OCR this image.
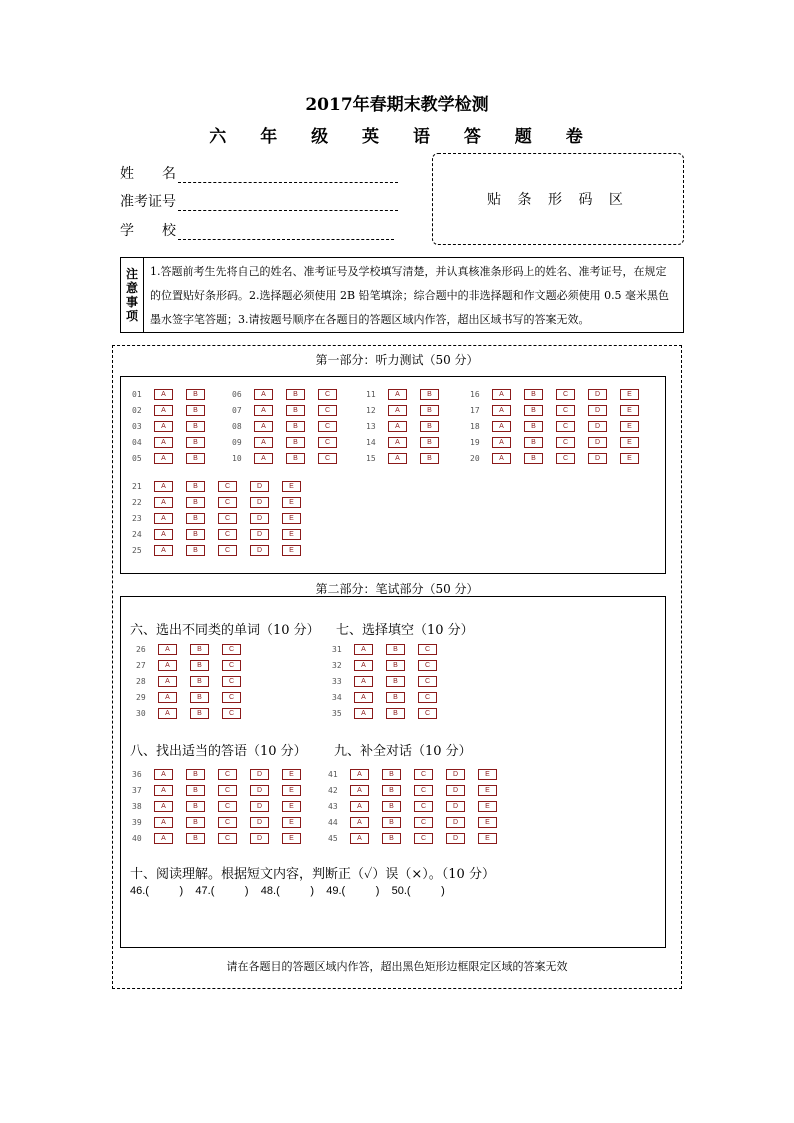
2017年春期末教学检测
六 年 级 英 语 答 题 卷
姓 名
准考证号
学 校
贴 条 形 码 区
注
意
事
项
1.答题前考生先将自己的姓名、准考证号及学校填写清楚，并认真核准条形码上的姓名、准考证号，在规定的位置贴好条形码。2.选择题必须使用 2B 铅笔填涂；综合题中的非选择题和作文题必须使用 0.5 毫米黑色墨水签字笔答题；3.请按题号顺序在各题目的答题区域内作答，超出区域书写的答案无效。
第一部分：听力测试（50 分）
第二部分：笔试部分（50 分）
六、选出不同类的单词（10 分） 七、选择填空（10 分）
八、找出适当的答语（10 分） 九、补全对话（10 分）
十、阅读理解。根据短文内容，判断正（✓）误（×）。（10 分）
46.(          )    47.(          )    48.(          )    49.(          )    50.(          )
请在各题目的答题区域内作答，超出黑色矩形边框限定区域的答案无效
01	A	B
02	A	B
03	A	B
04	A	B
05	A	B
06	A	B	C
07	A	B	C
08	A	B	C
09	A	B	C
10	A	B	C
11	A	B
12	A	B
13	A	B
14	A	B
15	A	B
16	A	B	C	D	E
17	A	B	C	D	E
18	A	B	C	D	E
19	A	B	C	D	E
20	A	B	C	D	E
21	A	B	C	D	E
22	A	B	C	D	E
23	A	B	C	D	E
24	A	B	C	D	E
25	A	B	C	D	E
26	A	B	C
27	A	B	C
28	A	B	C
29	A	B	C
30	A	B	C
31	A	B	C
32	A	B	C
33	A	B	C
34	A	B	C
35	A	B	C
36	A	B	C	D	E
37	A	B	C	D	E
38	A	B	C	D	E
39	A	B	C	D	E
40	A	B	C	D	E
41	A	B	C	D	E
42	A	B	C	D	E
43	A	B	C	D	E
44	A	B	C	D	E
45	A	B	C	D	E
